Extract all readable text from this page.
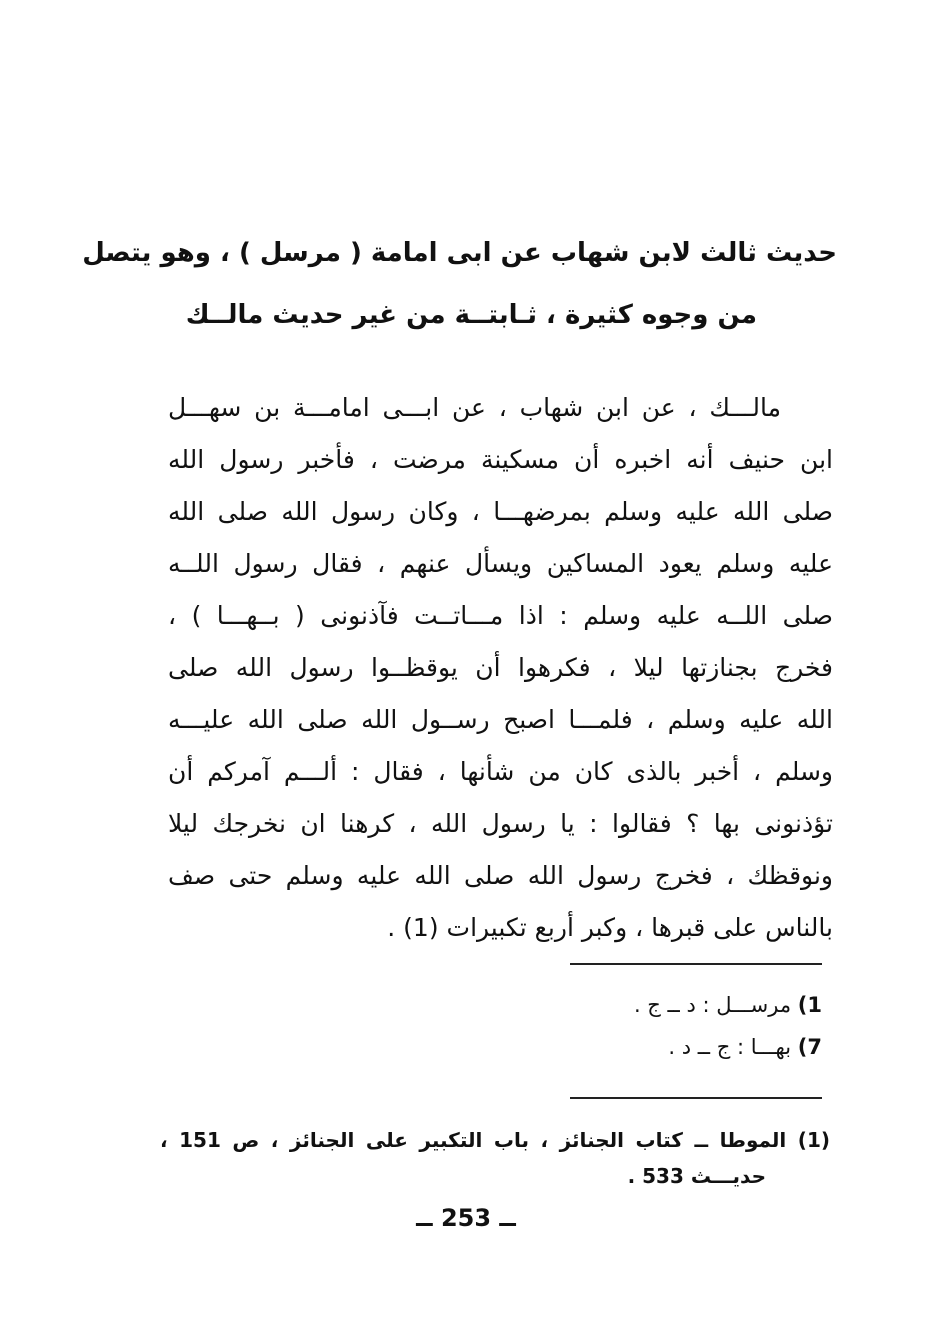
حديث ثالث لابن شهاب عن ابى امامة ( مرسل ) ، وهو يتصل
من وجوه كثيرة ، ثـابتــة من غير حديث مالــك
مالـــك ، عن ابن شهاب ، عن ابـــى امامـــة بن سهـــل
ابن حنيف أنه اخبره أن مسكينة مرضت ، فأخبر رسول الله
صلى الله عليه وسلم بمرضهـــا ، وكان رسول الله صلى الله
عليه وسلم يعود المساكين ويسأل عنهم ، فقال رسول اللــه
صلى اللــه عليه وسلم : اذا مـــاتــت فآذنونى ( بــهـــا ) ،
فخرج بجنازتها ليلا ، فكرهوا أن يوقظــوا رسول الله صلى
الله عليه وسلم ، فلمـــا اصبح رســول الله صلى الله عليـــه
وسلم ، أخبر بالذى كان من شأنها ، فقال : ألـــم آمركم أن
تؤذنونى بها ؟ فقالوا : يا رسول الله ، كرهنا ان نخرجك ليلا
ونوقظك ، فخرج رسول الله صلى الله عليه وسلم حتى صف
بالناس على قبرها ، وكبر أربع تكبيرات (1) .
1) مرســـل : د ــ ج .
7) بهـــا : ج ــ د .
(1) الموطا ــ كتاب الجنائز ، باب التكبير على الجنائز ، ص 151 ،
حديـــث 533 .
ــ 253 ــ
